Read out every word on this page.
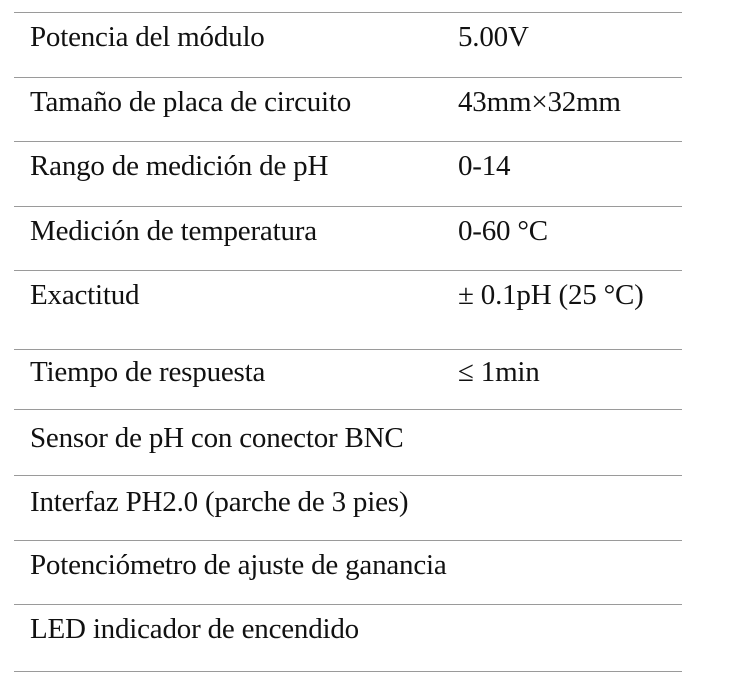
Potencia del módulo	5.00V
Tamaño de placa de circuito	43mm×32mm
Rango de medición de pH	0-14
Medición de temperatura	0-60 °C
Exactitud	± 0.1pH (25 °C)
Tiempo de respuesta	≤ 1min
Sensor de pH con conector BNC
Interfaz PH2.0 (parche de 3 pies)
Potenciómetro de ajuste de ganancia
LED indicador de encendido
